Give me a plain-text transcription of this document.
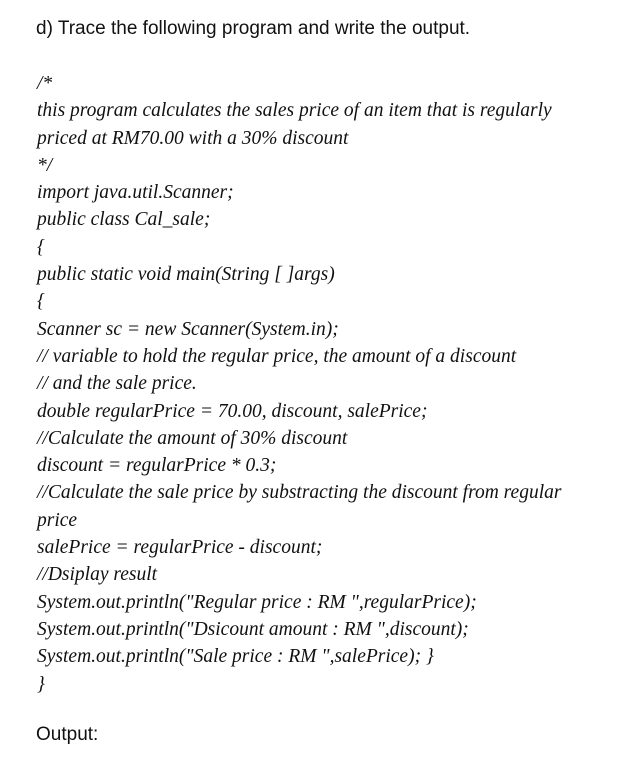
d) Trace the following program and write the output.
/*
this program calculates the sales price of an item that is regularly
priced at RM70.00 with a 30% discount
*/
import java.util.Scanner;
public class Cal_sale;
{
public static void main(String [ ]args)
{
Scanner sc = new Scanner(System.in);
// variable to hold the regular price, the amount of a discount
// and the sale price.
double regularPrice = 70.00, discount, salePrice;
//Calculate the amount of 30% discount
discount = regularPrice * 0.3;
//Calculate the sale price by substracting the discount from regular
price
salePrice = regularPrice - discount;
//Dsiplay result
System.out.println("Regular price : RM ",regularPrice);
System.out.println("Dsicount amount : RM ",discount);
System.out.println("Sale price : RM ",salePrice); }
}
Output:
